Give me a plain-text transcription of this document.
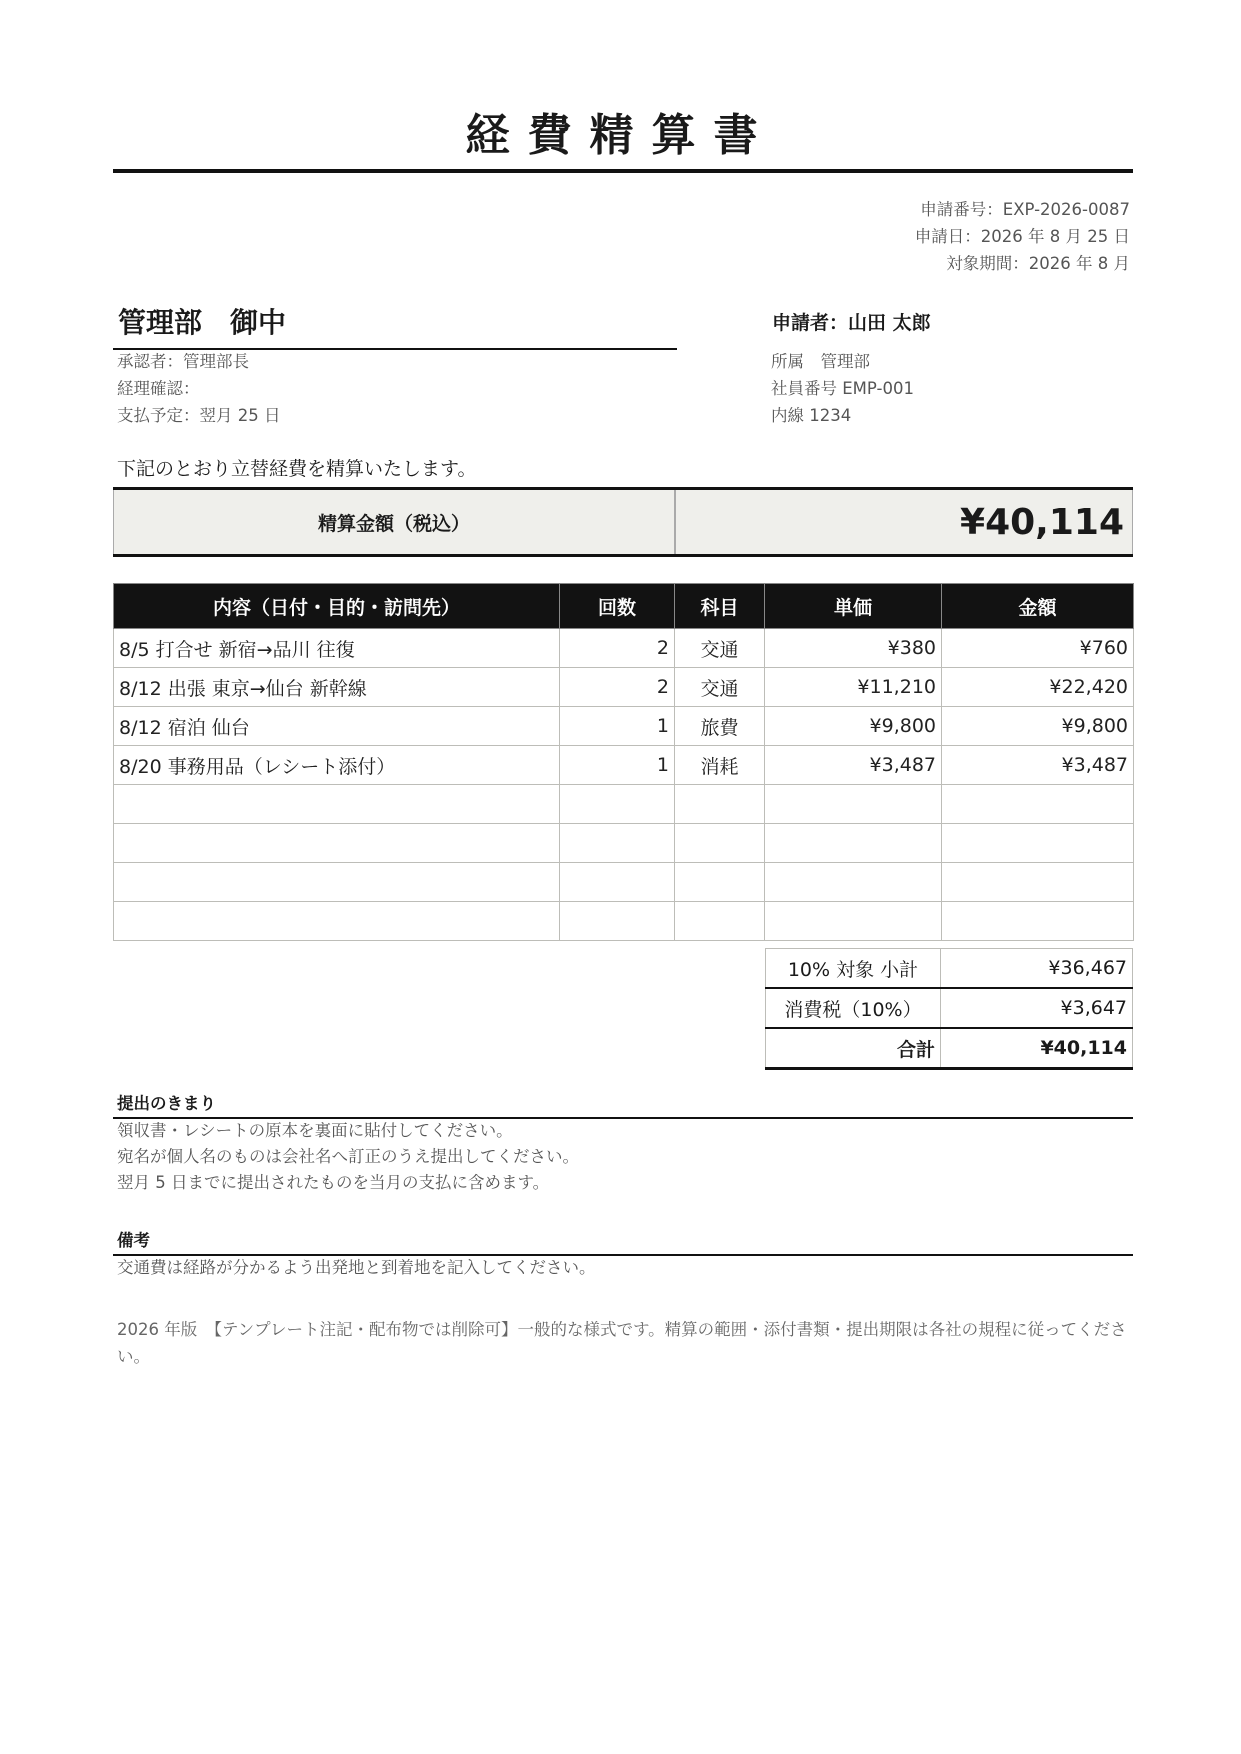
経費精算書
申請番号：EXP-2026-0087
申請日：2026 年 8 月 25 日
対象期間：2026 年 8 月
管理部　御中
承認者：管理部長
経理確認：
支払予定：翌月 25 日
申請者：山田 太郎
所属　管理部
社員番号 EMP-001
内線 1234
下記のとおり立替経費を精算いたします。
精算金額（税込）	¥40,114
内容（日付・目的・訪問先）	回数	科目	単価	金額
8/5 打合せ 新宿→品川 往復	2	交通	¥380	¥760
8/12 出張 東京→仙台 新幹線	2	交通	¥11,210	¥22,420
8/12 宿泊 仙台	1	旅費	¥9,800	¥9,800
8/20 事務用品（レシート添付）	1	消耗	¥3,487	¥3,487

10% 対象 小計	¥36,467
消費税（10%）	¥3,647
合計	¥40,114
提出のきまり
領収書・レシートの原本を裏面に貼付してください。
宛名が個人名のものは会社名へ訂正のうえ提出してください。
翌月 5 日までに提出されたものを当月の支払に含めます。
備考
交通費は経路が分かるよう出発地と到着地を記入してください。
2026 年版　【テンプレート注記・配布物では削除可】一般的な様式です。精算の範囲・添付書類・提出期限は各社の規程に従ってください。
